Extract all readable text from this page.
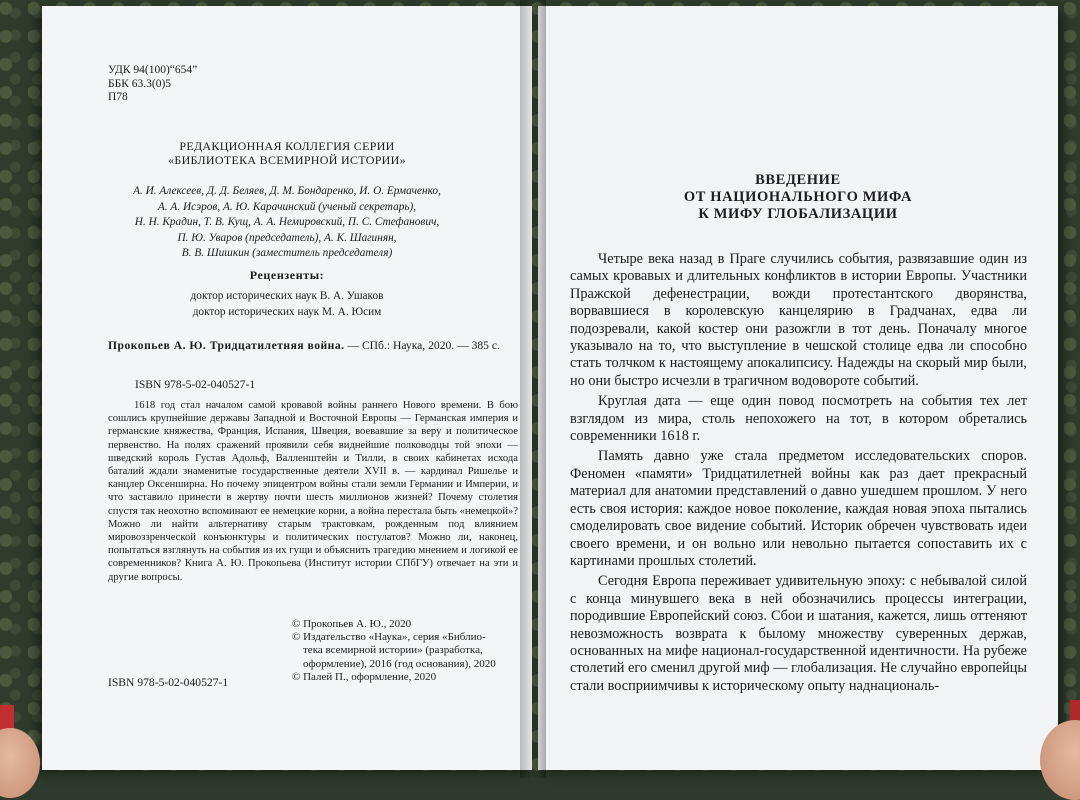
УДК 94(100)“654”
ББК 63.3(0)5
П78
РЕДАКЦИОННАЯ КОЛЛЕГИЯ СЕРИИ
«БИБЛИОТЕКА ВСЕМИРНОЙ ИСТОРИИ»
А. И. Алексеев, Д. Д. Беляев, Д. М. Бондаренко, И. О. Ермаченко,
А. А. Исэров, А. Ю. Карачинский (ученый секретарь),
Н. Н. Крадин, Т. В. Кущ, А. А. Немировский, П. С. Стефанович,
П. Ю. Уваров (председатель), А. К. Шагинян,
В. В. Шишкин (заместитель председателя)
Рецензенты:
доктор исторических наук В. А. Ушаков
доктор исторических наук М. А. Юсим
Прокопьев А. Ю. Тридцатилетняя война. — СПб.: Наука, 2020. — 385 с.
ISBN 978-5-02-040527-1
1618 год стал началом самой кровавой войны раннего Нового времени. В бою сошлись крупнейшие державы Западной и Восточной Европы — Германская империя и германские княжества, Франция, Испания, Швеция, воевавшие за веру и политическое первенство. На полях сражений проявили себя виднейшие полководцы той эпохи — шведский король Густав Адольф, Валленштейн и Тилли, в своих кабинетах исхода баталий ждали знаменитые государственные деятели XVII в. — кардинал Ришелье и канцлер Оксенширна. Но почему эпицентром войны стали земли Германии и Империи, и что заставило принести в жертву почти шесть миллионов жизней? Почему столетия спустя так неохотно вспоминают ее немецкие корни, а война перестала быть «немецкой»? Можно ли найти альтернативу старым трактовкам, рожденным под влиянием мировоззренческой конъюнктуры и политических постулатов? Можно ли, наконец, попытаться взглянуть на события из их гущи и объяснить трагедию мнением и логикой ее современников? Книга А. Ю. Прокопьева (Институт истории СПбГУ) отвечает на эти и другие вопросы.
© Прокопьев А. Ю., 2020
© Издательство «Наука», серия «Библио-
тека всемирной истории» (разработка,
оформление), 2016 (год основания), 2020
© Палей П., оформление, 2020
ISBN 978-5-02-040527-1
ВВЕДЕНИЕ
ОТ НАЦИОНАЛЬНОГО МИФА
К МИФУ ГЛОБАЛИЗАЦИИ

Четыре века назад в Праге случились события, развязавшие один из самых кровавых и длительных конфликтов в истории Европы. Участники Пражской дефенестрации, вожди протестантского дворянства, ворвавшиеся в королевскую канцелярию в Градчанах, едва ли подозревали, какой костер они разожгли в тот день. Поначалу многое указывало на то, что выступление в чешской столице едва ли способно стать толчком к настоящему апокалипсису. Надежды на скорый мир были, но они быстро исчезли в трагичном водовороте событий.

Круглая дата — еще один повод посмотреть на события тех лет взглядом из мира, столь непохожего на тот, в котором обретались современники 1618 г.

Память давно уже стала предметом исследовательских споров. Феномен «памяти» Тридцатилетней войны как раз дает прекрасный материал для анатомии представлений о давно ушедшем прошлом. У него есть своя история: каждое новое поколение, каждая новая эпоха пытались смоделировать свое видение событий. Историк обречен чувствовать идеи своего времени, и он вольно или невольно пытается сопоставить их с картинами прошлых столетий.

Сегодня Европа переживает удивительную эпоху: с небывалой силой с конца минувшего века в ней обозначились процессы интеграции, породившие Европейский союз. Сбои и шатания, кажется, лишь оттеняют невозможность возврата к былому множеству суверенных держав, основанных на мифе национал-государственной идентичности. На рубеже столетий его сменил другой миф — глобализация. Не случайно европейцы стали восприимчивы к историческому опыту наднациональ-
